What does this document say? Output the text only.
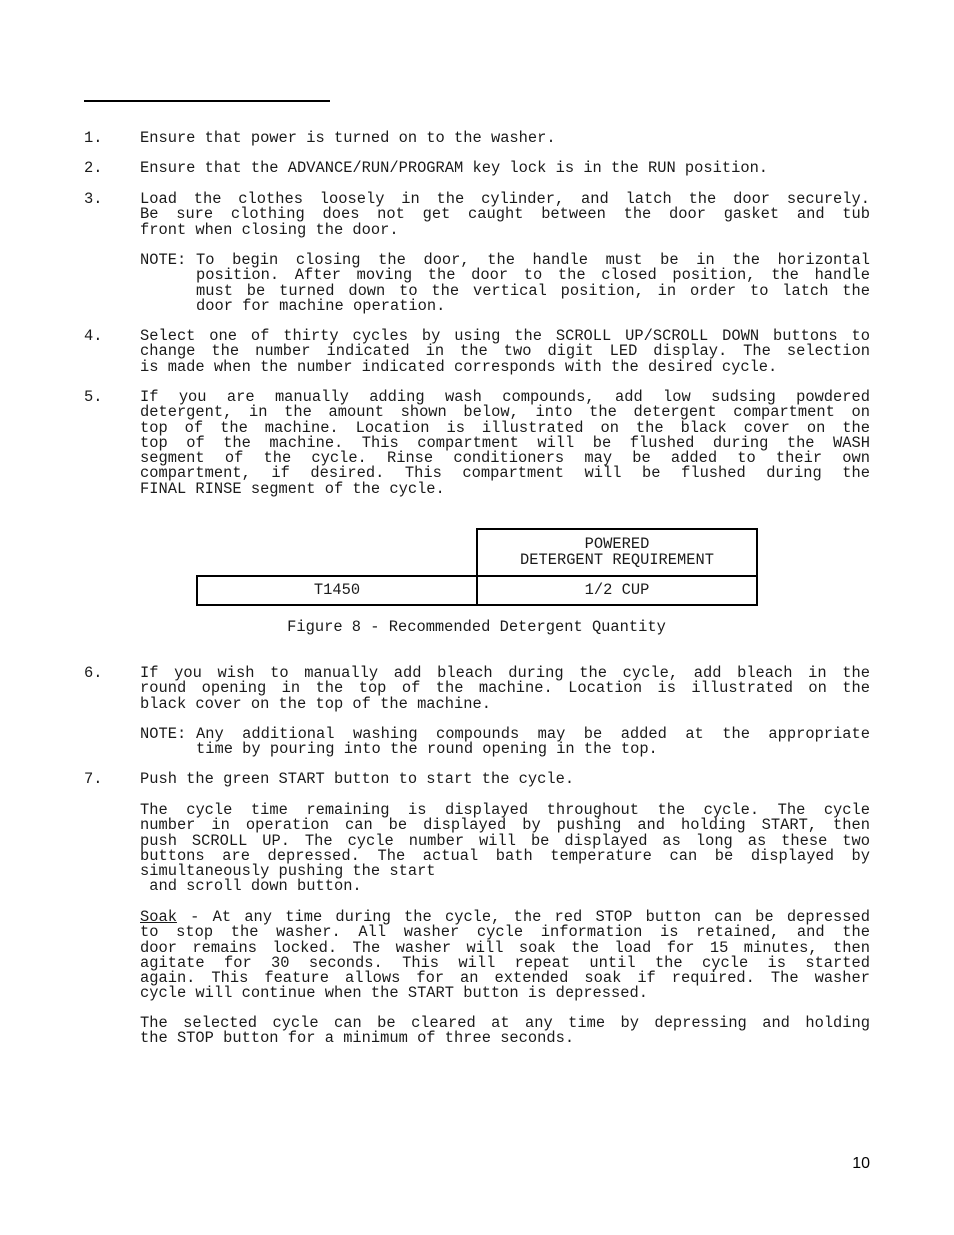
1. Ensure that power is turned on to the washer.
2. Ensure that the ADVANCE/RUN/PROGRAM key lock is in the RUN position.
3. Load the clothes loosely in the cylinder, and latch the door securely.
Be sure clothing does not get caught between the door gasket and tub
front when closing the door.
NOTE: To begin closing the door, the handle must be in the horizontal
position. After moving the door to the closed position, the handle
must be turned down to the vertical position, in order to latch the
door for machine operation.
4. Select one of thirty cycles by using the SCROLL UP/SCROLL DOWN buttons to
change the number indicated in the two digit LED display. The selection
is made when the number indicated corresponds with the desired cycle.
5. If you are manually adding wash compounds, add low sudsing powdered
detergent, in the amount shown below, into the detergent compartment on
top of the machine. Location is illustrated on the black cover on the
top of the machine. This compartment will be flushed during the WASH
segment of the cycle. Rinse conditioners may be added to their own
compartment, if desired. This compartment will be flushed during the
FINAL RINSE segment of the cycle.

	POWERED
DETERGENT REQUIREMENT

T1450	1/2 CUP
Figure 8 - Recommended Detergent Quantity
6. If you wish to manually add bleach during the cycle, add bleach in the
round opening in the top of the machine. Location is illustrated on the
black cover on the top of the machine.
NOTE: Any additional washing compounds may be added at the appropriate
time by pouring into the round opening in the top.
7. Push the green START button to start the cycle.
The cycle time remaining is displayed throughout the cycle. The cycle
number in operation can be displayed by pushing and holding START, then
push SCROLL UP. The cycle number will be displayed as long as these two
buttons are depressed. The actual bath temperature can be displayed by
simultaneously pushing the start
and scroll down button.
Soak - At any time during the cycle, the red STOP button can be depressed
to stop the washer. All washer cycle information is retained, and the
door remains locked. The washer will soak the load for 15 minutes, then
agitate for 30 seconds. This will repeat until the cycle is started
again. This feature allows for an extended soak if required. The washer
cycle will continue when the START button is depressed.
The selected cycle can be cleared at any time by depressing and holding
the STOP button for a minimum of three seconds.
10
